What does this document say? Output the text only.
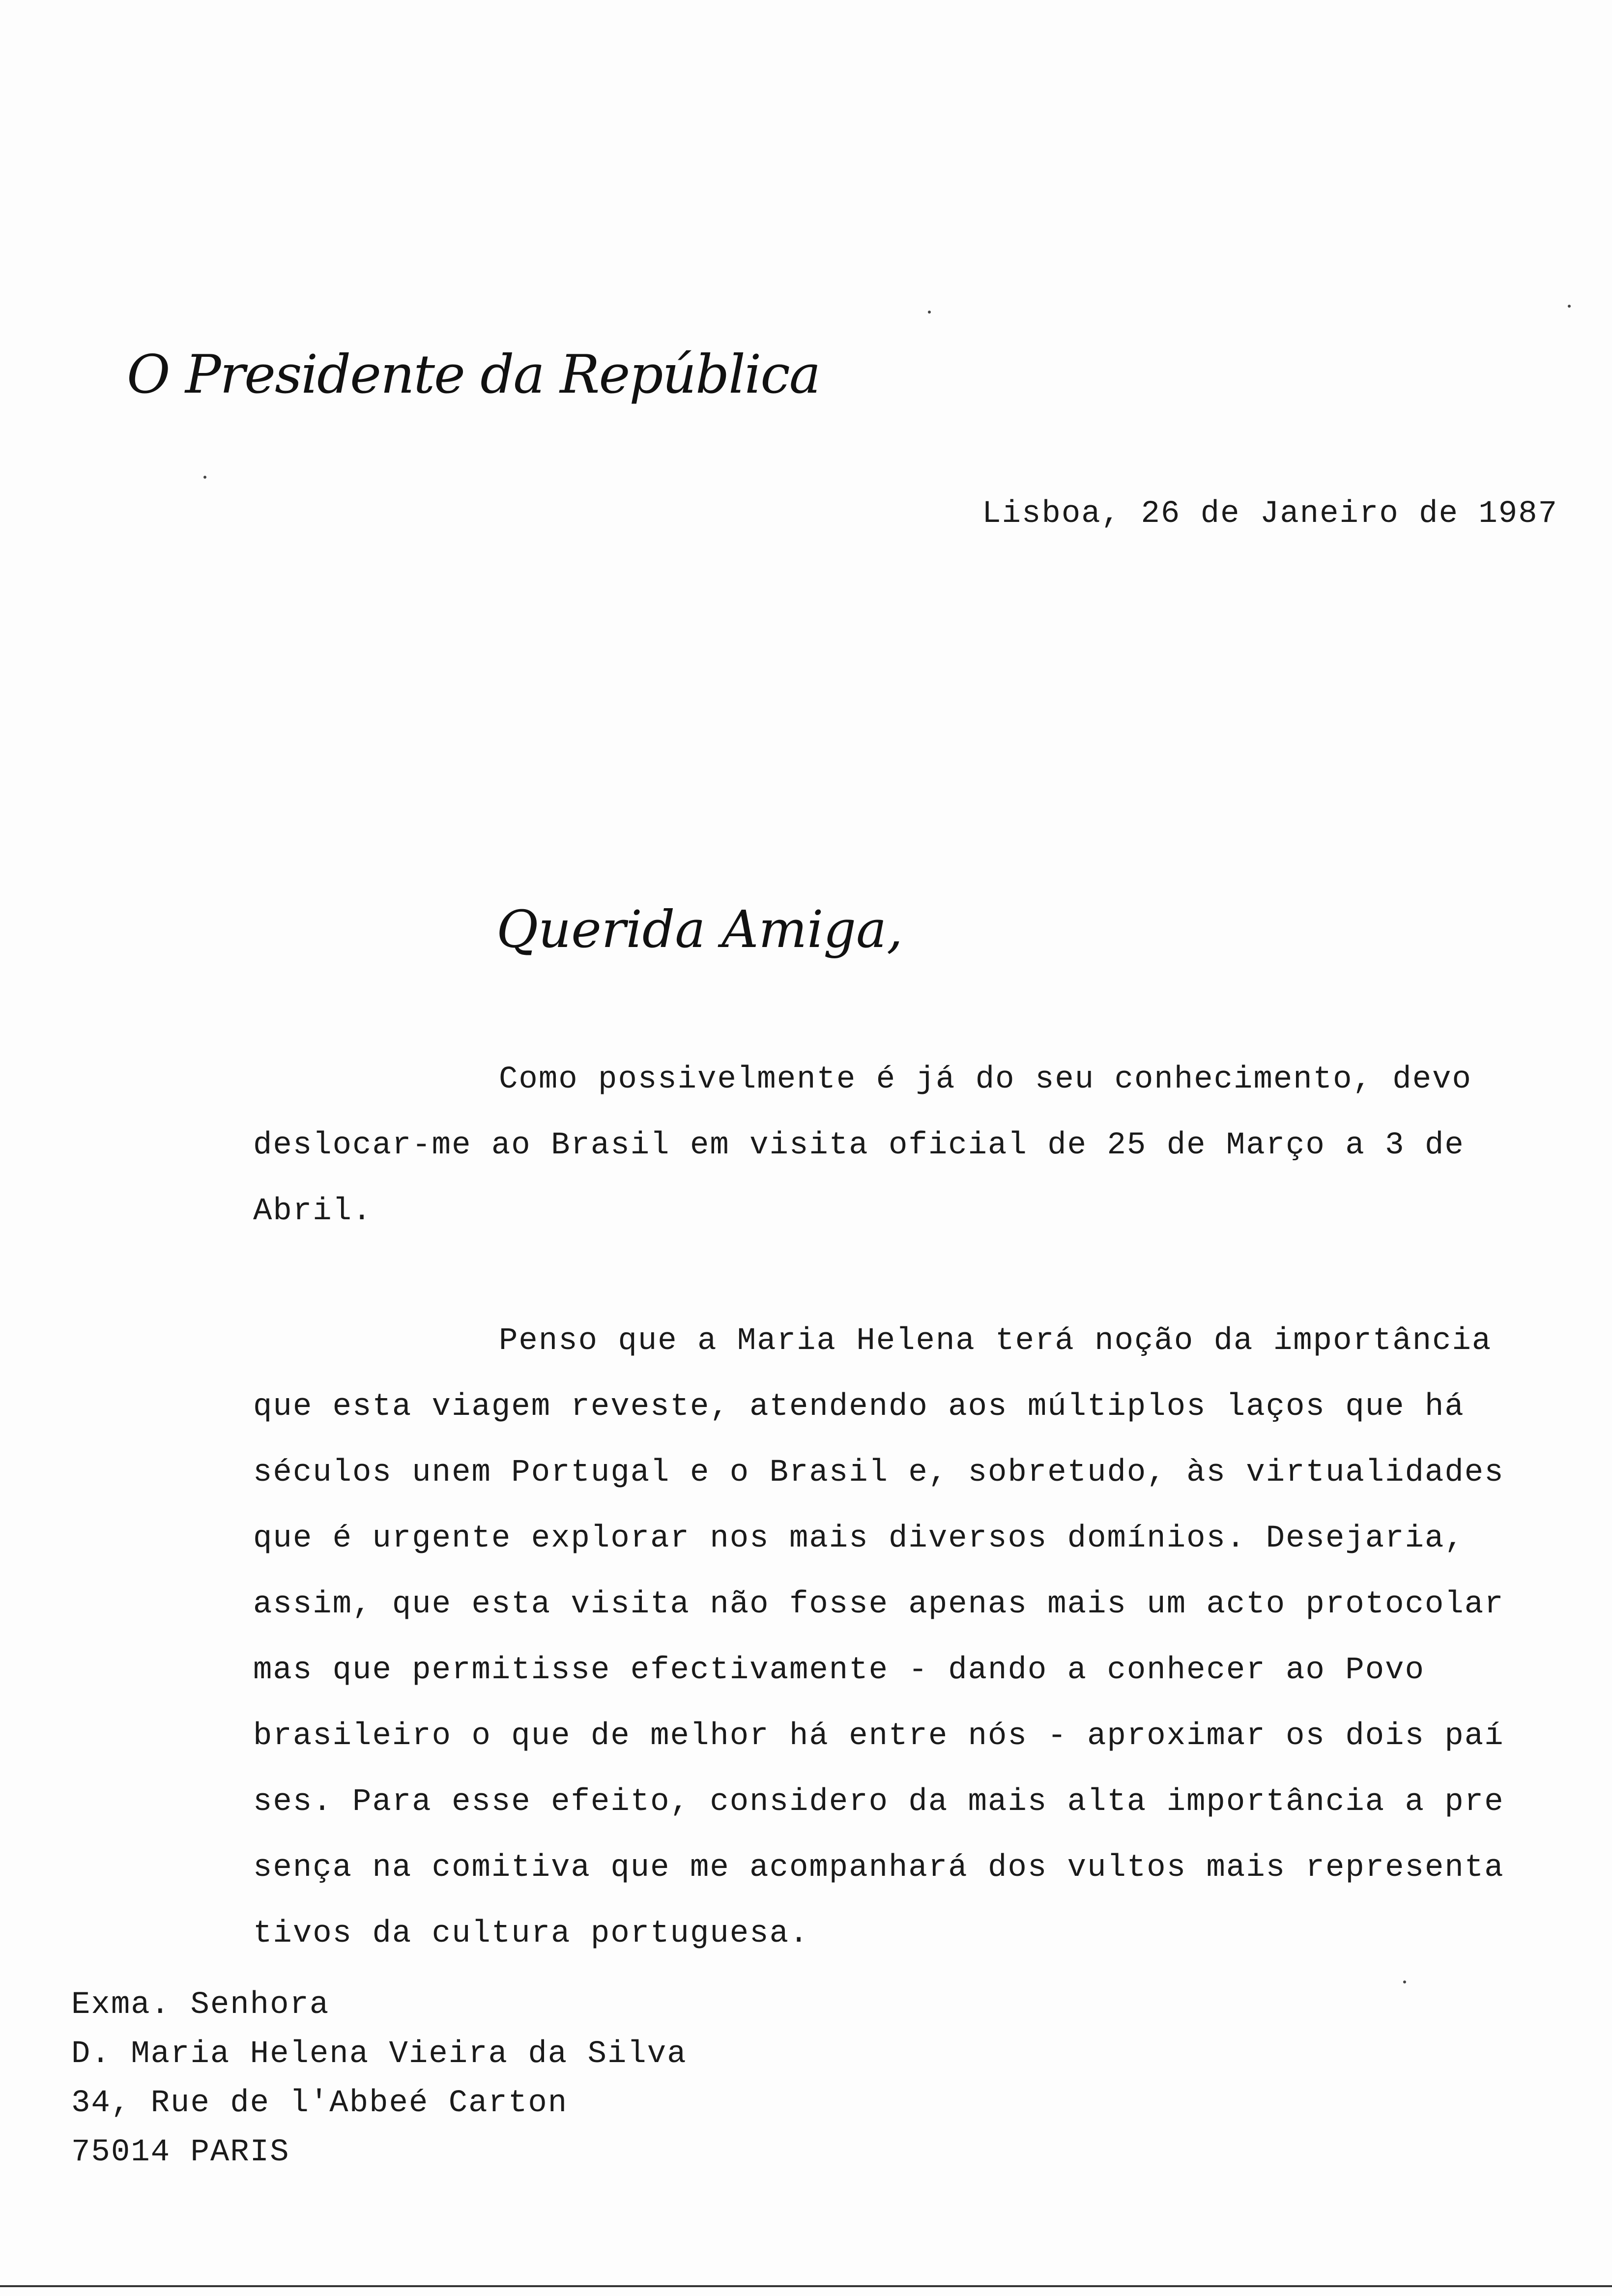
O Presidente da República
Lisboa, 26 de Janeiro de 1987
Querida Amiga,

Como possivelmente é já do seu conhecimento, devo
deslocar-me ao Brasil em visita oficial de 25 de Março a 3 de
Abril.

Penso que a Maria Helena terá noção da importância
que esta viagem reveste, atendendo aos múltiplos laços que há
séculos unem Portugal e o Brasil e, sobretudo, às virtualidades
que é urgente explorar nos mais diversos domínios. Desejaria,
assim, que esta visita não fosse apenas mais um acto protocolar
mas que permitisse efectivamente - dando a conhecer ao Povo
brasileiro o que de melhor há entre nós - aproximar os dois paí
ses. Para esse efeito, considero da mais alta importância a pre
sença na comitiva que me acompanhará dos vultos mais representa
tivos da cultura portuguesa.

Exma. Senhora
D. Maria Helena Vieira da Silva
34, Rue de l'Abbeé Carton
75014 PARIS
